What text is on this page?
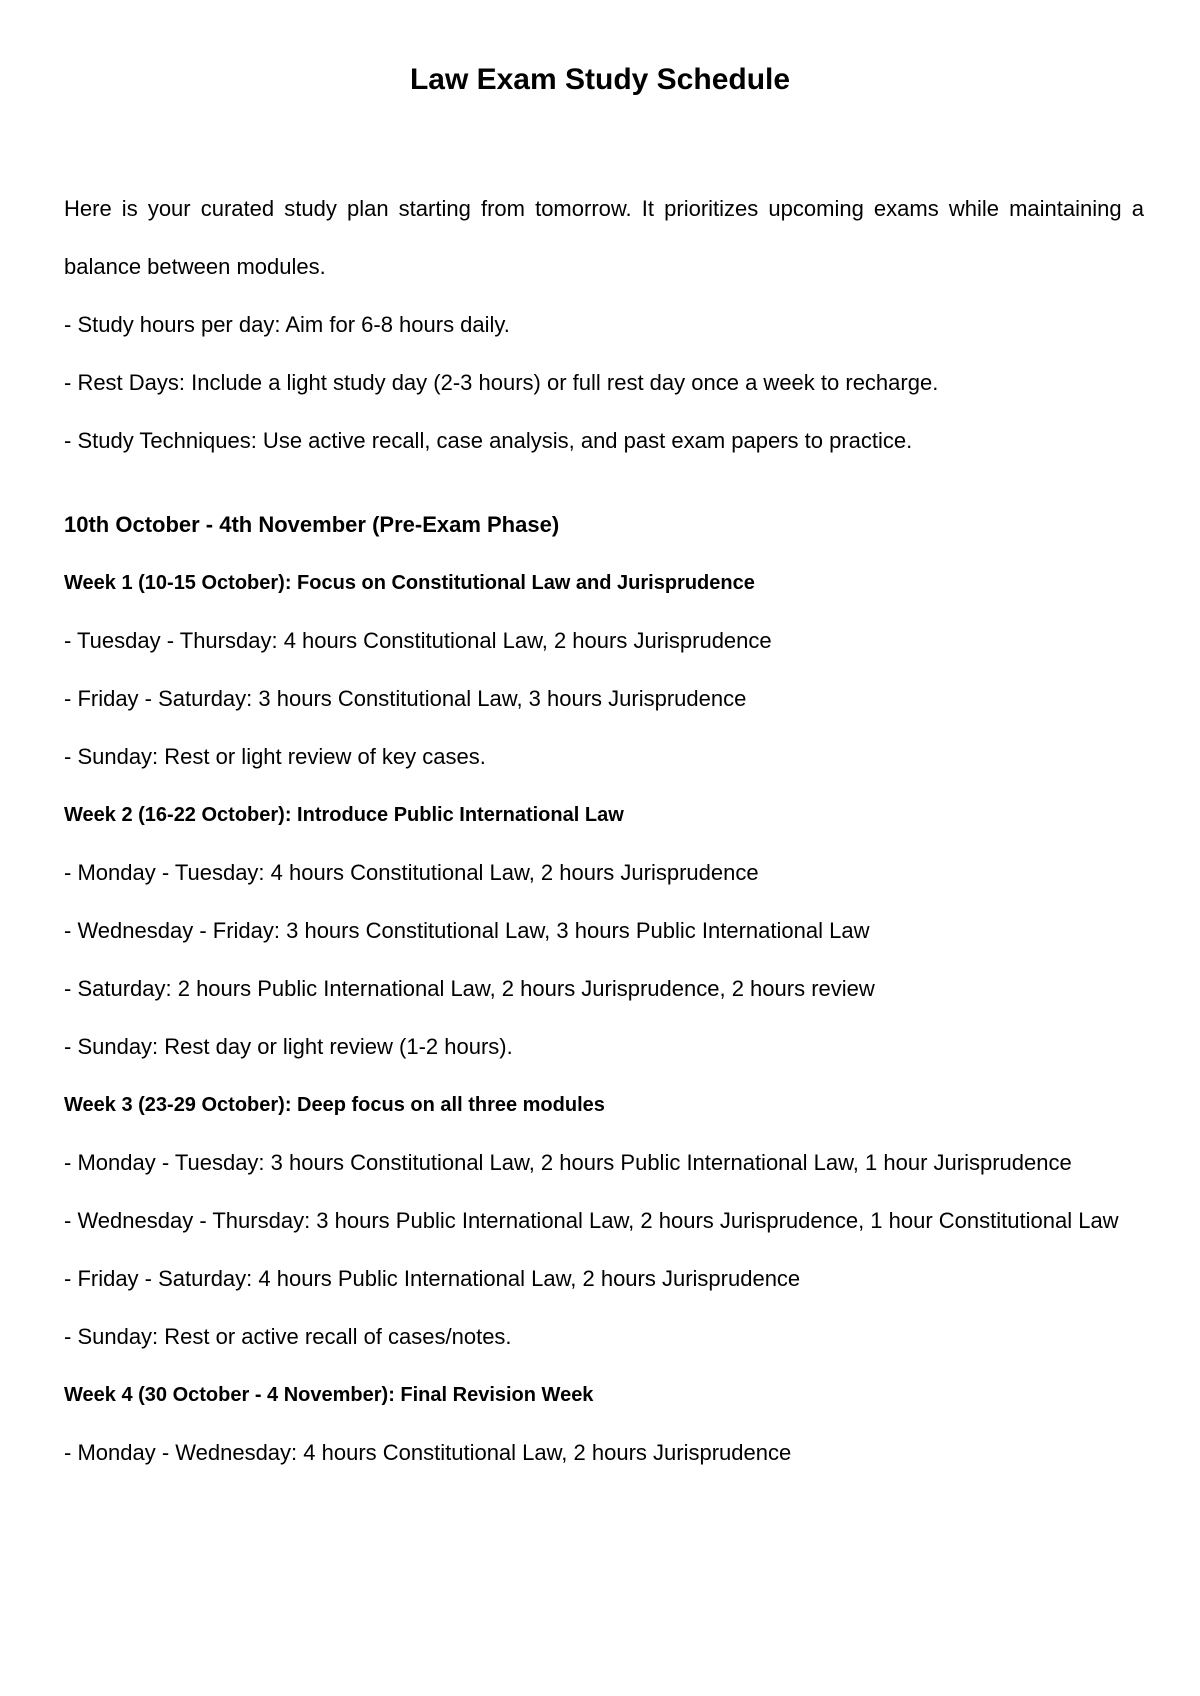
Law Exam Study Schedule

Here is your curated study plan starting from tomorrow. It prioritizes upcoming exams while maintaining a balance between modules.

- Study hours per day: Aim for 6-8 hours daily.

- Rest Days: Include a light study day (2-3 hours) or full rest day once a week to recharge.

- Study Techniques: Use active recall, case analysis, and past exam papers to practice.

10th October - 4th November (Pre-Exam Phase)

Week 1 (10-15 October): Focus on Constitutional Law and Jurisprudence

- Tuesday - Thursday: 4 hours Constitutional Law, 2 hours Jurisprudence

- Friday - Saturday: 3 hours Constitutional Law, 3 hours Jurisprudence

- Sunday: Rest or light review of key cases.

Week 2 (16-22 October): Introduce Public International Law

- Monday - Tuesday: 4 hours Constitutional Law, 2 hours Jurisprudence

- Wednesday - Friday: 3 hours Constitutional Law, 3 hours Public International Law

- Saturday: 2 hours Public International Law, 2 hours Jurisprudence, 2 hours review

- Sunday: Rest day or light review (1-2 hours).

Week 3 (23-29 October): Deep focus on all three modules

- Monday - Tuesday: 3 hours Constitutional Law, 2 hours Public International Law, 1 hour Jurisprudence

- Wednesday - Thursday: 3 hours Public International Law, 2 hours Jurisprudence, 1 hour Constitutional Law

- Friday - Saturday: 4 hours Public International Law, 2 hours Jurisprudence

- Sunday: Rest or active recall of cases/notes.

Week 4 (30 October - 4 November): Final Revision Week

- Monday - Wednesday: 4 hours Constitutional Law, 2 hours Jurisprudence
